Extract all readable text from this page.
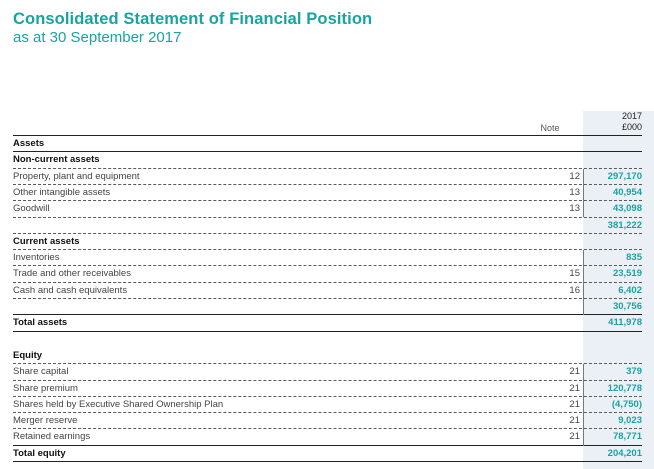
Consolidated Statement of Financial Position
as at 30 September 2017
Note
2017
£000
Assets
Non-current assets
Property, plant and equipment	12	297,170
Other intangible assets	13	40,954
Goodwill	13	43,098
381,222
Current assets
Inventories	835
Trade and other receivables	15	23,519
Cash and cash equivalents	16	6,402
30,756
Total assets	411,978
Equity
Share capital	21	379
Share premium	21	120,778
Shares held by Executive Shared Ownership Plan	21	(4,750)
Merger reserve	21	9,023
Retained earnings	21	78,771
Total equity	204,201
